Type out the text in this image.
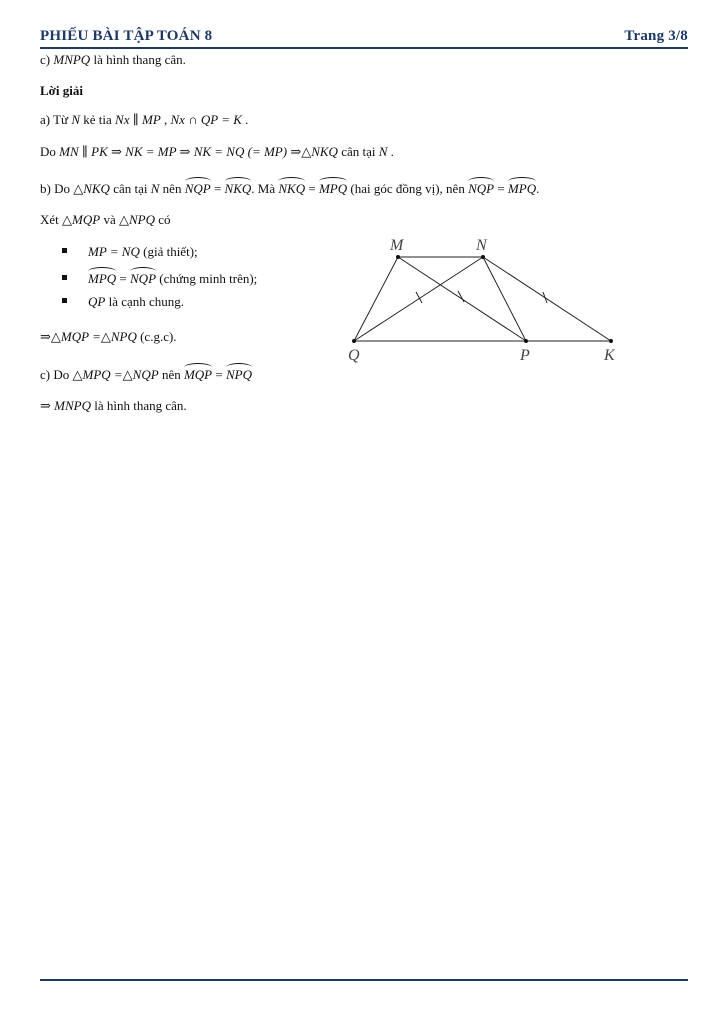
PHIẾU BÀI TẬP TOÁN 8	Trang 3/8
c) MNPQ là hình thang cân.
Lời giải
a) Từ N kẻ tia Nx ∥ MP , Nx ∩ QP = K .
Do MN ∥ PK ⇒ NK = MP ⇒ NK = NQ (= MP) ⇒△NKQ cân tại N .
b) Do △NKQ cân tại N nên NQP = NKQ. Mà NKQ = MPQ (hai góc đồng vị), nên NQP = MPQ.
Xét △MQP và △NPQ có
MP = NQ (giả thiết);
MPQ = NQP (chứng minh trên);
QP là cạnh chung.
⇒△MQP =△NPQ (c.g.c).
c) Do △MPQ =△NQP nên MQP = NPQ
⇒ MNPQ là hình thang cân.
M	N
Q	P	K
